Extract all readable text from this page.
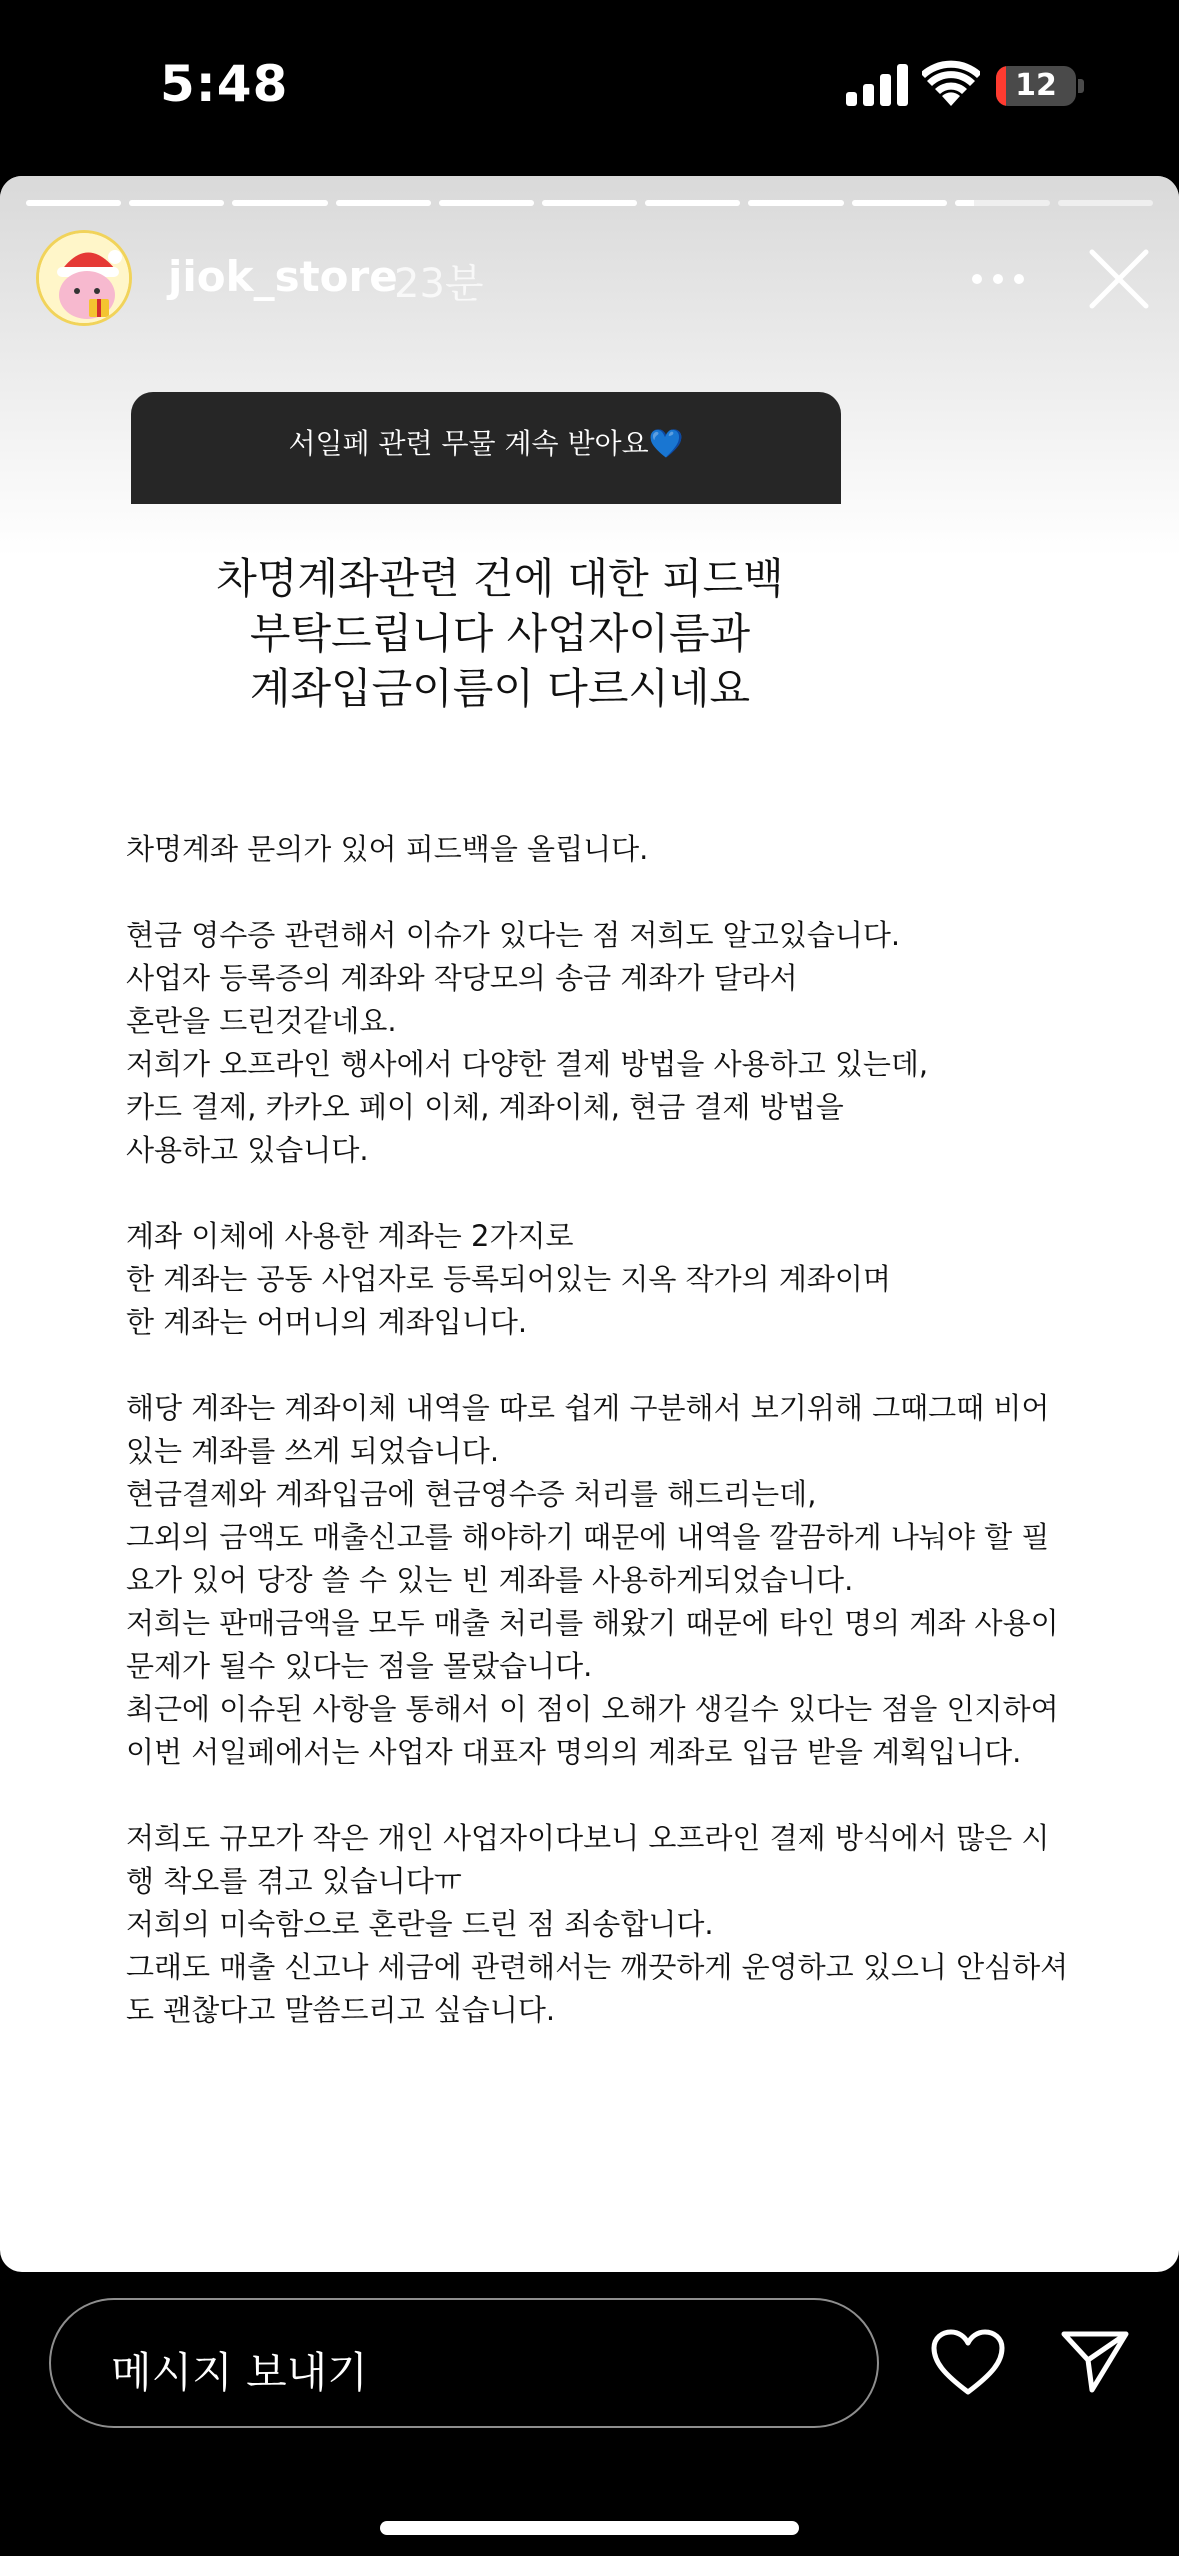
5:48	12
jiok_store
23분
서일페 관련 무물 계속 받아요💙
차명계좌관련 건에 대한 피드백
부탁드립니다 사업자이름과
계좌입금이름이 다르시네요

차명계좌 문의가 있어 피드백을 올립니다.

현금 영수증 관련해서 이슈가 있다는 점 저희도 알고있습니다.
사업자 등록증의 계좌와 작당모의 송금 계좌가 달라서
혼란을 드린것같네요.
저희가 오프라인 행사에서 다양한 결제 방법을 사용하고 있는데,
카드 결제, 카카오 페이 이체, 계좌이체, 현금 결제 방법을
사용하고 있습니다.

계좌 이체에 사용한 계좌는 2가지로
한 계좌는 공동 사업자로 등록되어있는 지옥 작가의 계좌이며
한 계좌는 어머니의 계좌입니다.

해당 계좌는 계좌이체 내역을 따로 쉽게 구분해서 보기위해 그때그때 비어
있는 계좌를 쓰게 되었습니다.
현금결제와 계좌입금에 현금영수증 처리를 해드리는데,
그외의 금액도 매출신고를 해야하기 때문에 내역을 깔끔하게 나눠야 할 필
요가 있어 당장 쓸 수 있는 빈 계좌를 사용하게되었습니다.
저희는 판매금액을 모두 매출 처리를 해왔기 때문에 타인 명의 계좌 사용이
문제가 될수 있다는 점을 몰랐습니다.
최근에 이슈된 사항을 통해서 이 점이 오해가 생길수 있다는 점을 인지하여
이번 서일페에서는 사업자 대표자 명의의 계좌로 입금 받을 계획입니다.

저희도 규모가 작은 개인 사업자이다보니 오프라인 결제 방식에서 많은 시
행 착오를 겪고 있습니다ㅠ
저희의 미숙함으로 혼란을 드린 점 죄송합니다.
그래도 매출 신고나 세금에 관련해서는 깨끗하게 운영하고 있으니 안심하셔
도 괜찮다고 말씀드리고 싶습니다.

메시지 보내기
